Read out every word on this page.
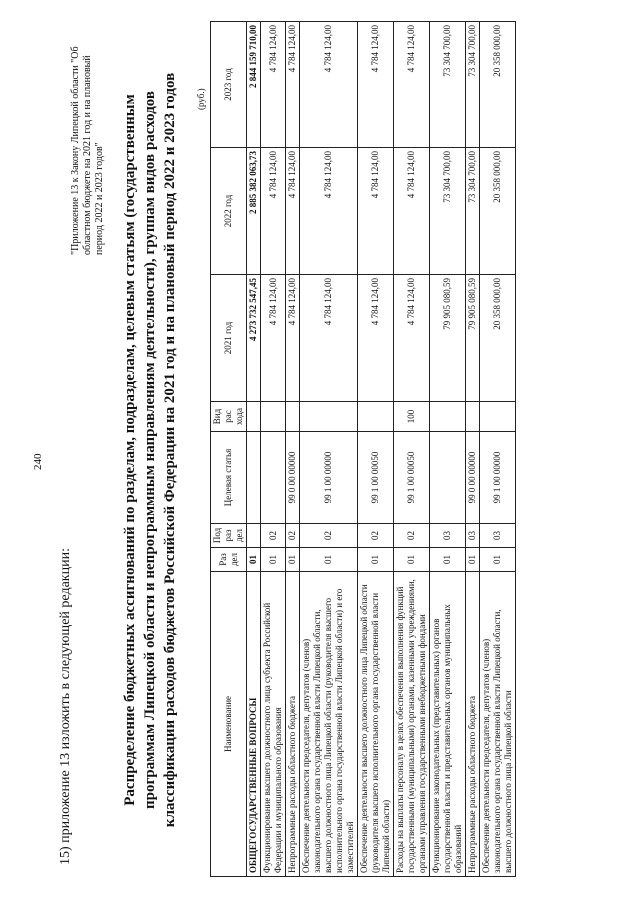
240
15) приложение 13 изложить в следующей редакции:
"Приложение 13 к Закону Липецкой области "Об областном бюджете на 2021 год и на плановый период 2022 и 2023 годов" Распределение бюджетных ассигнований по разделам, подразделам, целевым статьям (государственным программам Липецкой области и непрограммным направлениям деятельности), группам видов расходов классификации расходов бюджетов Российской Федерации на 2021 год и на плановый период 2022 и 2023 годов (руб.)
Наименование	Раз дел	Под раз дел	Целевая статья	Вид рас хода	2021 год	2022 год	2023 год
ОБЩЕГОСУДАРСТВЕННЫЕ ВОПРОСЫ	01				4 273 732 547,45	2 885 382 063,73	2 844 159 710,00
Функционирование высшего должностного лица субъекта Российской Федерации и муниципального образования	01	02			4 784 124,00	4 784 124,00	4 784 124,00
Непрограммные расходы областного бюджета	01	02	99 0 00 00000		4 784 124,00	4 784 124,00	4 784 124,00
Обеспечение деятельности председателя, депутатов (членов) законодательного органа государственной власти Липецкой области, высшего должностного лица Липецкой области (руководителя высшего исполнительного органа государственной власти Липецкой области) и его заместителей	01	02	99 1 00 00000		4 784 124,00	4 784 124,00	4 784 124,00
Обеспечение деятельности высшего должностного лица Липецкой области (руководителя высшего исполнительного органа государственной власти Липецкой области)	01	02	99 1 00 00050		4 784 124,00	4 784 124,00	4 784 124,00
Расходы на выплаты персоналу в целях обеспечения выполнения функций государственными (муниципальными) органами, казенными учреждениями, органами управления государственными внебюджетными фондами	01	02	99 1 00 00050	100	4 784 124,00	4 784 124,00	4 784 124,00
Функционирование законодательных (представительных) органов государственной власти и представительных органов муниципальных образований	01	03			79 905 080,59	73 304 700,00	73 304 700,00
Непрограммные расходы областного бюджета	01	03	99 0 00 00000		79 905 080,59	73 304 700,00	73 304 700,00
Обеспечение деятельности председателя, депутатов (членов) законодательного органа государственной власти Липецкой области, высшего должностного лица Липецкой области	01	03	99 1 00 00000		20 358 000,00	20 358 000,00	20 358 000,00
